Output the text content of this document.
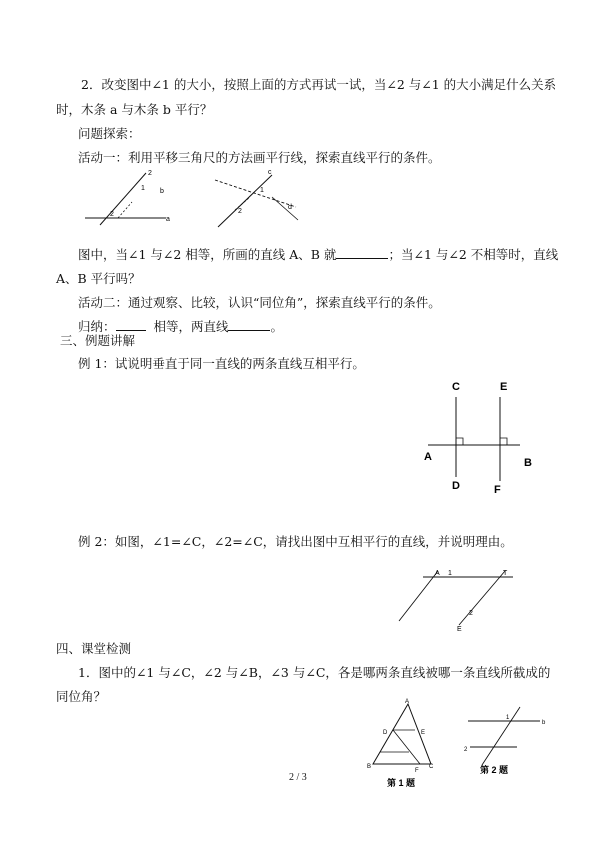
2．改变图中∠1 的大小，按照上面的方式再试一试，当∠2 与∠1 的大小满足什么关系
时，木条 a 与木条 b 平行？
问题探索：
活动一：利用平移三角尺的方法画平行线，探索直线平行的条件。
2
1 b
2
a
c
1
2
d
图中，当∠1 与∠2 相等，所画的直线 A、B 就	；当∠1 与∠2 不相等时，直线
A、B 平行吗？
活动二：通过观察、比较，认识“同位角”，探索直线平行的条件。
归纳：	相等，两直线	。
三、例题讲解
例 1：试说明垂直于同一直线的两条直线互相平行。
C	E
A	B
D	F
例 2：如图，∠1=∠C，∠2=∠C，请找出图中互相平行的直线，并说明理由。
A 1	T
2
E
四、课堂检测
1．图中的∠1 与∠C，∠2 与∠B，∠3 与∠C，各是哪两条直线被哪一条直线所截成的
同位角？	A
D	E
B	C
F
第 1 题
1
b
2
第 2 题
2 / 3
